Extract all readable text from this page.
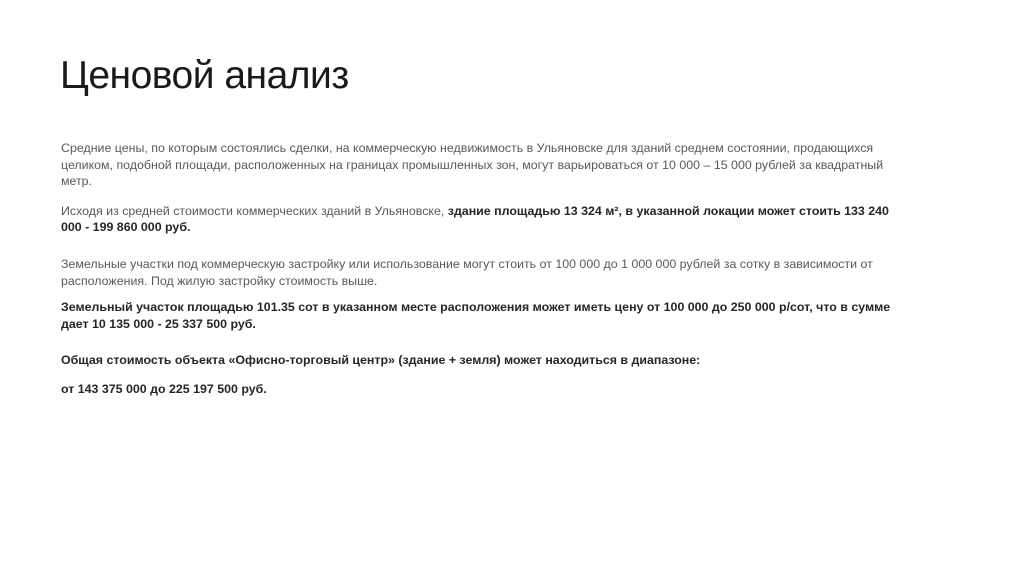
Ценовой анализ

Средние цены, по которым состоялись сделки, на коммерческую недвижимость в Ульяновске для зданий среднем состоянии, продающихся целиком, подобной площади, расположенных на границах промышленных зон, могут варьироваться от 10 000 – 15 000 рублей за квадратный метр.

Исходя из средней стоимости коммерческих зданий в Ульяновске, здание площадью 13 324 м², в указанной локации может стоить 133 240 000 - 199 860 000 руб.

Земельные участки под коммерческую застройку или использование могут стоить от 100 000 до 1 000 000 рублей за сотку в зависимости от расположения. Под жилую застройку стоимость выше.

Земельный участок площадью 101.35 сот в указанном месте расположения может иметь цену от 100 000 до 250 000 р/сот, что в сумме дает 10 135 000 - 25 337 500 руб.

Общая стоимость объекта «Офисно-торговый центр» (здание + земля) может находиться в диапазоне:

от 143 375 000 до 225 197 500 руб.
